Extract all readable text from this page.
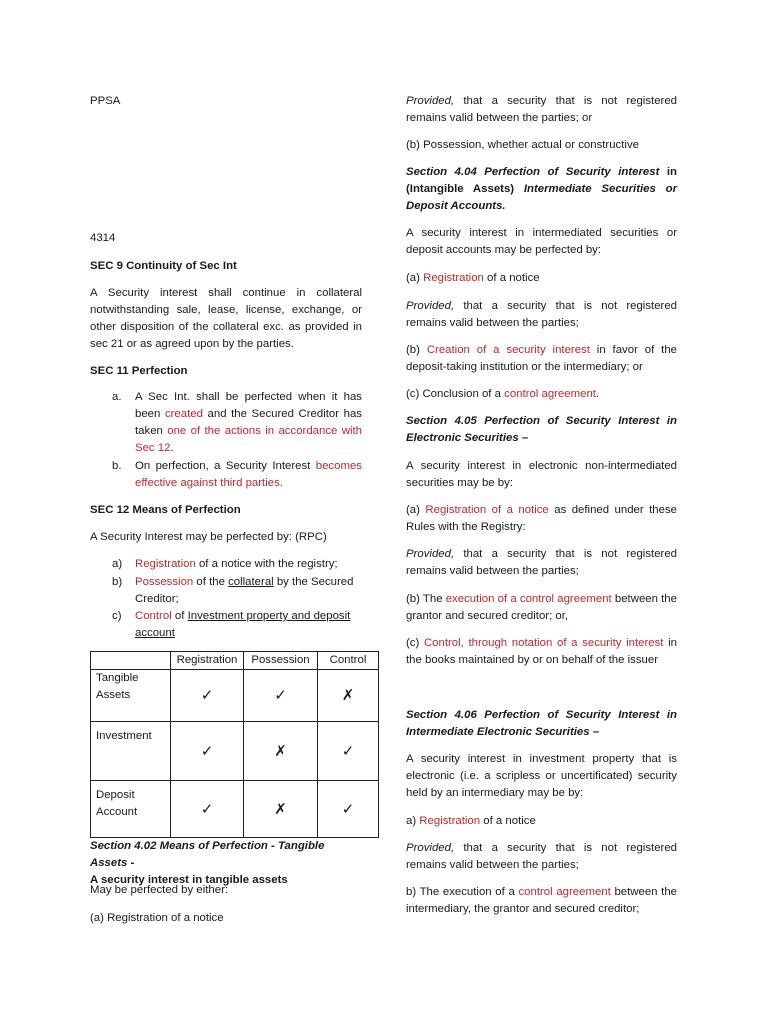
PPSA

4314

SEC 9 Continuity of Sec Int

A Security interest shall continue in collateral notwithstanding sale, lease, license, exchange, or other disposition of the collateral exc. as provided in sec 21 or as agreed upon by the parties.

SEC 11 Perfection

a. A Sec Int. shall be perfected when it has been created and the Secured Creditor has taken one of the actions in accordance with Sec 12.
b. On perfection, a Security Interest becomes effective against third parties.

SEC 12 Means of Perfection

A Security Interest may be perfected by: (RPC)

a) Registration of a notice with the registry;
b) Possession of the collateral by the Secured Creditor;
c) Control of Investment property and deposit account
	Registration	Possession	Control
Tangible Assets	✓	✓	✗
Investment	✓	✗	✓
Deposit Account	✓	✗	✓

Section 4.02 Means of Perfection - Tangible Assets -
A security interest in tangible assets

May be perfected by either:

(a) Registration of a notice

Provided, that a security that is not registered remains valid between the parties; or

(b) Possession, whether actual or constructive

Section 4.04 Perfection of Security interest in (Intangible Assets) Intermediate Securities or Deposit Accounts.

A security interest in intermediated securities or deposit accounts may be perfected by:

(a) Registration of a notice

Provided, that a security that is not registered remains valid between the parties;

(b) Creation of a security interest in favor of the deposit-taking institution or the intermediary; or

(c) Conclusion of a control agreement.

Section 4.05 Perfection of Security Interest in Electronic Securities –

A security interest in electronic non-intermediated securities may be by:

(a) Registration of a notice as defined under these Rules with the Registry:

Provided, that a security that is not registered remains valid between the parties;

(b) The execution of a control agreement between the grantor and secured creditor; or,

(c) Control, through notation of a security interest in the books maintained by or on behalf of the issuer

Section 4.06 Perfection of Security Interest in Intermediate Electronic Securities –

A security interest in investment property that is electronic (i.e. a scripless or uncertificated) security held by an intermediary may be by:

a) Registration of a notice

Provided, that a security that is not registered remains valid between the parties;

b) The execution of a control agreement between the intermediary, the grantor and secured creditor;
